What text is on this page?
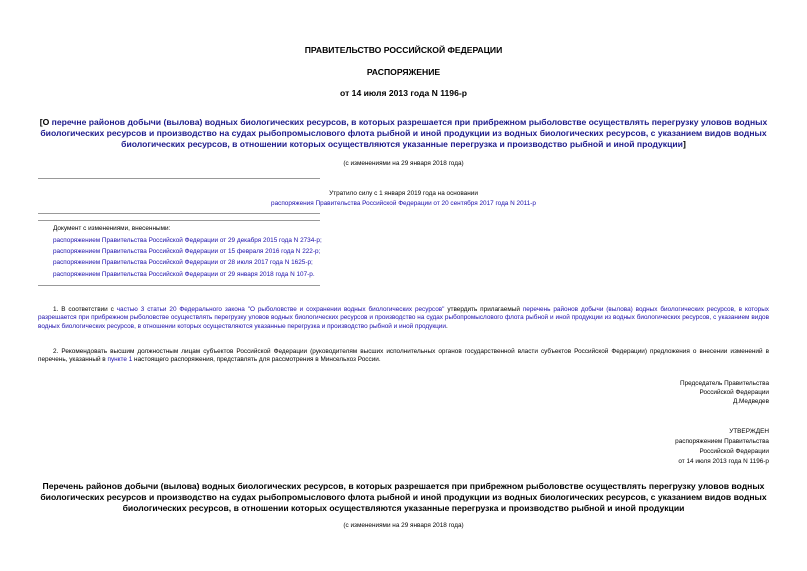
ПРАВИТЕЛЬСТВО РОССИЙСКОЙ ФЕДЕРАЦИИ
РАСПОРЯЖЕНИЕ
от 14 июля 2013 года N 1196-р
[О перечне районов добычи (вылова) водных биологических ресурсов, в которых разрешается при прибрежном рыболовстве осуществлять перегрузку уловов водных биологических ресурсов и производство на судах рыбопромыслового флота рыбной и иной продукции из водных биологических ресурсов, с указанием видов водных биологических ресурсов, в отношении которых осуществляются указанные перегрузка и производство рыбной и иной продукции]
(с изменениями на 29 января 2018 года)
Утратило силу с 1 января 2019 года на основании
распоряжения Правительства Российской Федерации от 20 сентября 2017 года N 2011-р
Документ с изменениями, внесенными:
распоряжением Правительства Российской Федерации от 29 декабря 2015 года N 2734-р;
распоряжением Правительства Российской Федерации от 15 февраля 2016 года N 222-р;
распоряжением Правительства Российской Федерации от 28 июля 2017 года N 1625-р;
распоряжением Правительства Российской Федерации от 29 января 2018 года N 107-р.
1. В соответствии с частью 3 статьи 20 Федерального закона "О рыболовстве и сохранении водных биологических ресурсов" утвердить прилагаемый перечень районов добычи (вылова) водных биологических ресурсов, в которых разрешается при прибрежном рыболовстве осуществлять перегрузку уловов водных биологических ресурсов и производство на судах рыбопромыслового флота рыбной и иной продукции из водных биологических ресурсов, с указанием видов водных биологических ресурсов, в отношении которых осуществляются указанные перегрузка и производство рыбной и иной продукции.
2. Рекомендовать высшим должностным лицам субъектов Российской Федерации (руководителям высших исполнительных органов государственной власти субъектов Российской Федерации) предложения о внесении изменений в перечень, указанный в пункте 1 настоящего распоряжения, представлять для рассмотрения в Минсельхоз России.
Председатель Правительства
Российской Федерации
Д.Медведев
УТВЕРЖДЕН
распоряжением Правительства
Российской Федерации
от 14 июля 2013 года N 1196-р
Перечень районов добычи (вылова) водных биологических ресурсов, в которых разрешается при прибрежном рыболовстве осуществлять перегрузку уловов водных биологических ресурсов и производство на судах рыбопромыслового флота рыбной и иной продукции из водных биологических ресурсов, с указанием видов водных биологических ресурсов, в отношении которых осуществляются указанные перегрузка и производство рыбной и иной продукции
(с изменениями на 29 января 2018 года)
